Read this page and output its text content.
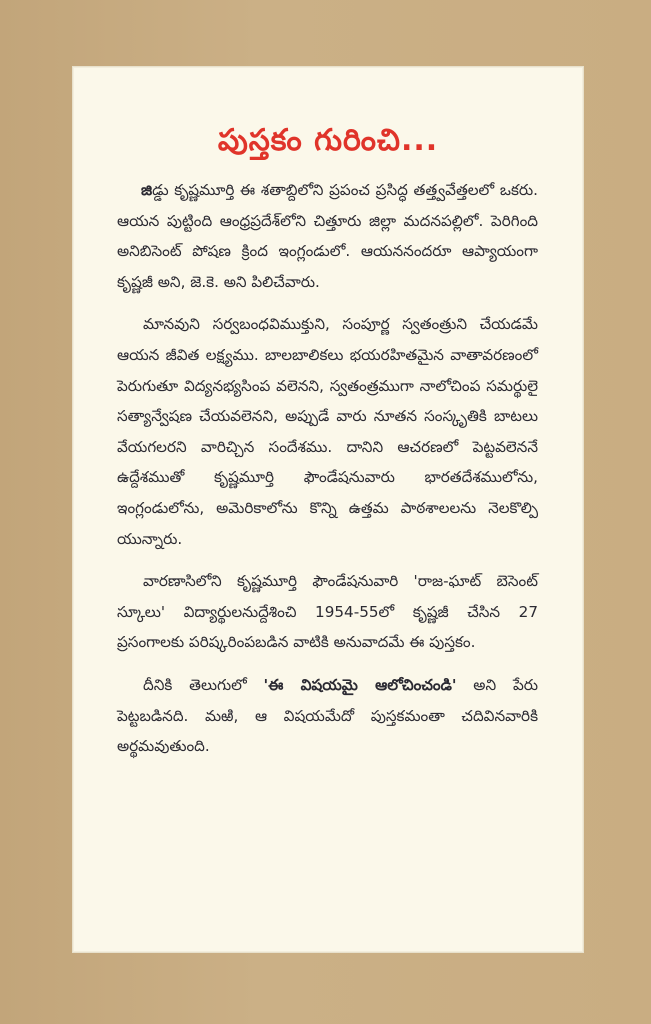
పుస్తకం గురించి...

జిడ్డు కృష్ణమూర్తి ఈ శతాబ్దిలోని ప్రపంచ ప్రసిద్ధ తత్త్వవేత్తలలో ఒకరు. ఆయన పుట్టింది ఆంధ్రప్రదేశ్‌లోని చిత్తూరు జిల్లా మదనపల్లిలో. పెరిగింది అనిబిసెంట్ పోషణ క్రింద ఇంగ్లండులో. ఆయననందరూ ఆప్యాయంగా కృష్ణజీ అని, జె.కె. అని పిలిచేవారు.

మానవుని సర్వబంధవిముక్తుని, సంపూర్ణ స్వతంత్రుని చేయడమే ఆయన జీవిత లక్ష్యము. బాలబాలికలు భయరహితమైన వాతావరణంలో పెరుగుతూ విద్యనభ్యసింప వలెనని, స్వతంత్రముగా నాలోచింప సమర్థులై సత్యాన్వేషణ చేయవలెనని, అప్పుడే వారు నూతన సంస్కృతికి బాటలు వేయగలరని వారిచ్చిన సందేశము. దానిని ఆచరణలో పెట్టవలెననే ఉద్దేశముతో కృష్ణమూర్తి ఫౌండేషనువారు భారతదేశములోను, ఇంగ్లండులోను, అమెరికాలోను కొన్ని ఉత్తమ పాఠశాలలను నెలకొల్పి యున్నారు.

వారణాసిలోని కృష్ణమూర్తి ఫౌండేషనువారి 'రాజ-ఘాట్ బెసెంట్ స్కూలు' విద్యార్థులనుద్దేశించి 1954-55లో కృష్ణజీ చేసిన 27 ప్రసంగాలకు పరిష్కరింపబడిన వాటికి అనువాదమే ఈ పుస్తకం.

దీనికి తెలుగులో 'ఈ విషయమై ఆలోచించండి' అని పేరు పెట్టబడినది. మఱి, ఆ విషయమేదో పుస్తకమంతా చదివినవారికి అర్థమవుతుంది.
